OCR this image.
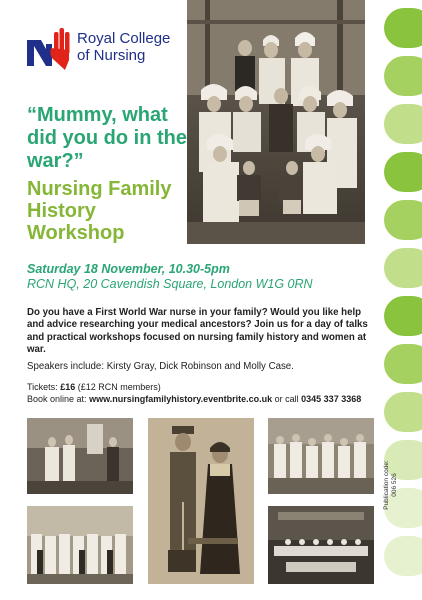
Royal College
of Nursing
“Mummy, what did you do in the war?”
Nursing Family History Workshop
Saturday 18 November, 10.30-5pm
RCN HQ, 20 Cavendish Square, London W1G 0RN

Do you have a First World War nurse in your family? Would you like help and advice researching your medical ancestors? Join us for a day of talks and practical workshops focused on nursing family history and women at war.

Speakers include: Kirsty Gray, Dick Robinson and Molly Case.

Tickets: £16 (£12 RCN members)
Book online at: www.nursingfamilyhistory.eventbrite.co.uk or call 0345 337 3368

Publication code: 006 526
